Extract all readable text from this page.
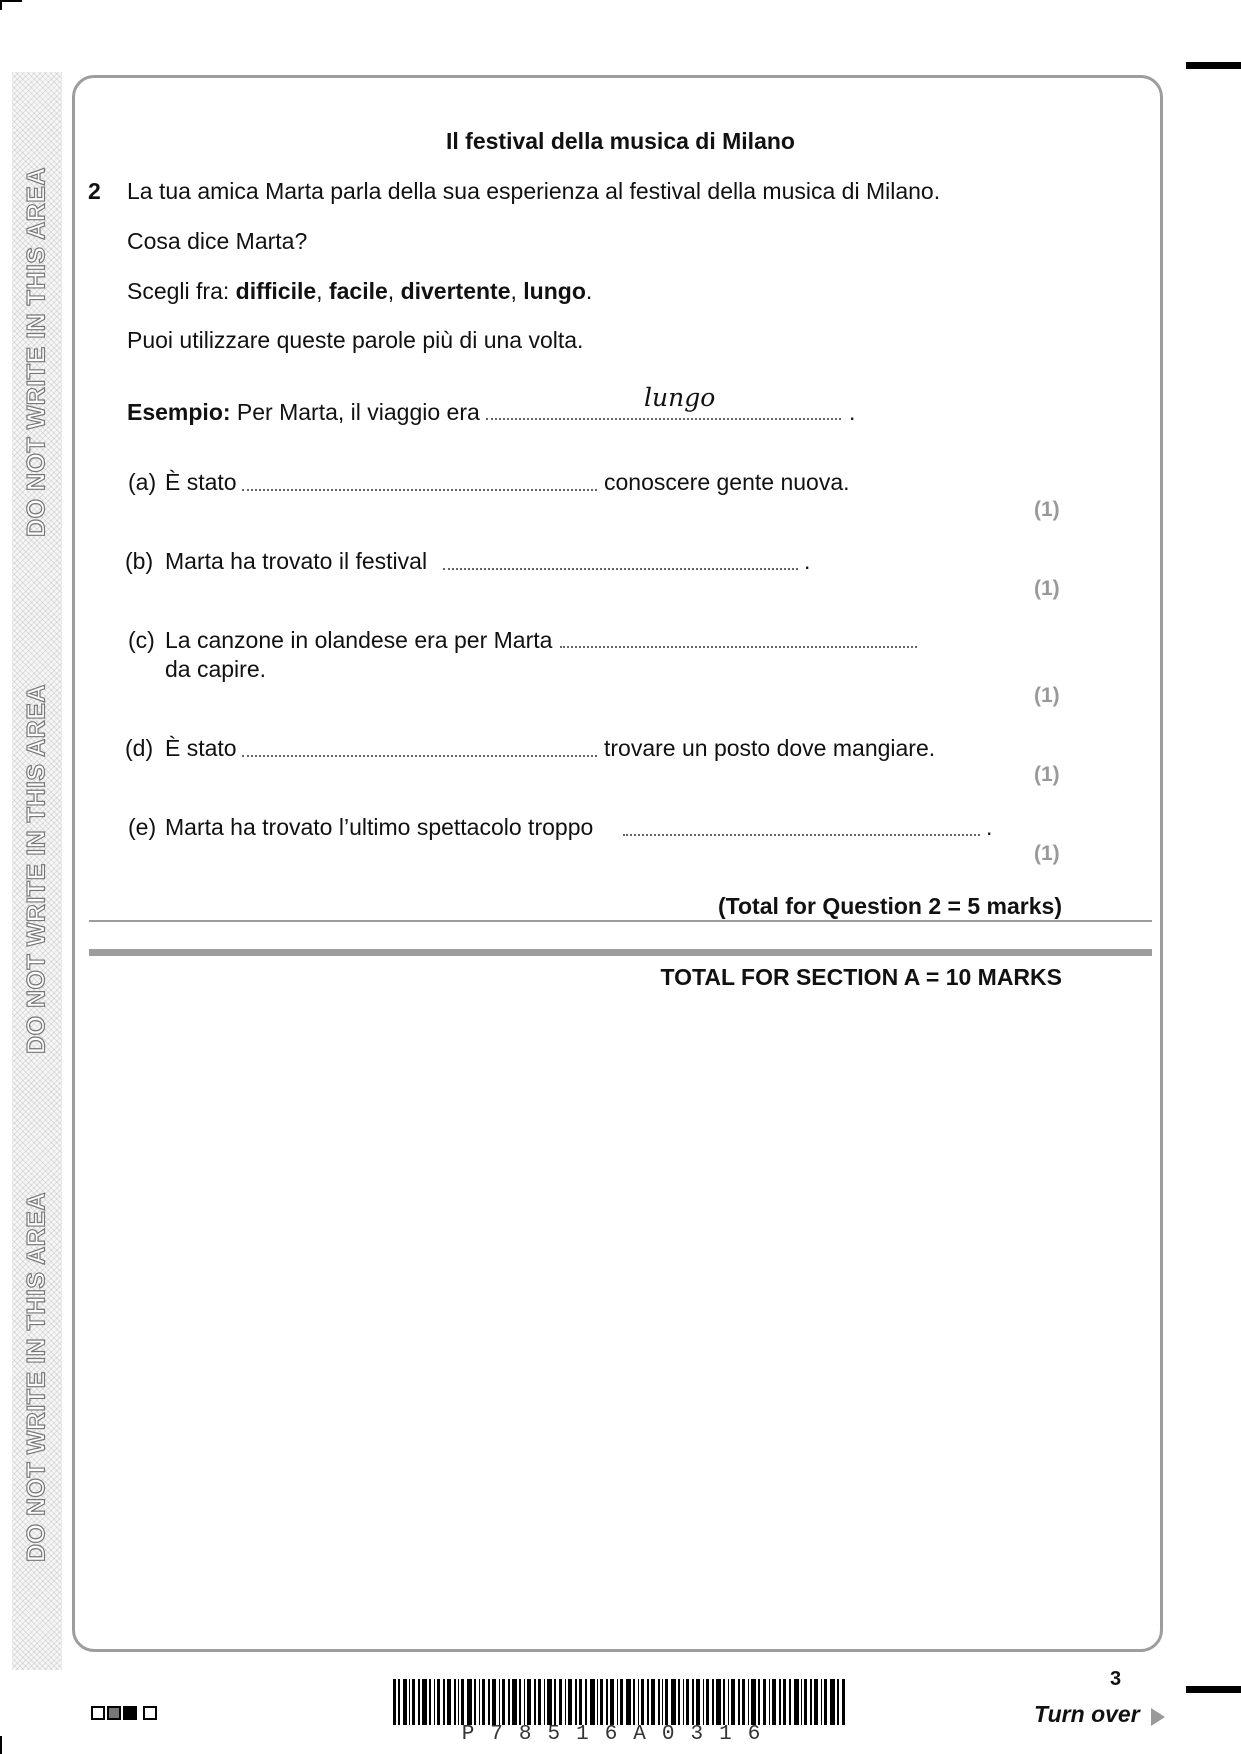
DO NOT WRITE IN THIS AREA
DO NOT WRITE IN THIS AREA
DO NOT WRITE IN THIS AREA
Il festival della musica di Milano
2 La tua amica Marta parla della sua esperienza al festival della musica di Milano.
Cosa dice Marta?
Scegli fra: difficile, facile, divertente, lungo.
Puoi utilizzare queste parole più di una volta.
Esempio: Per Marta, il viaggio era	lungo	.
(a) È stato	conoscere gente nuova.
(1)
(b) Marta ha trovato il festival	.
(1)
(c) La canzone in olandese era per Marta
da capire.
(1)
(d) È stato	trovare un posto dove mangiare.
(1)
(e) Marta ha trovato l’ultimo spettacolo troppo	.
(1)
(Total for Question 2 = 5 marks)
TOTAL FOR SECTION A = 10 MARKS
P78516A0316
3
Turn over
